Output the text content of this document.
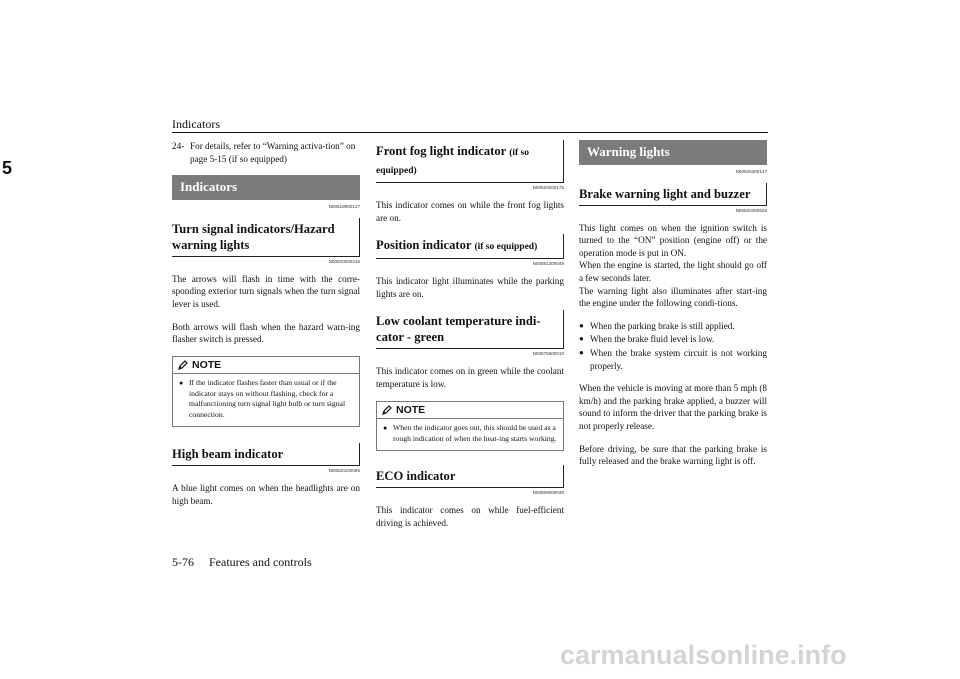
Indicators
5
24- For details, refer to “Warning activa-tion” on page 5-15 (if so equipped)
Indicators
N00519900127
Turn signal indicators/Hazard warning lights
N00520000216

The arrows will flash in time with the corre-sponding exterior turn signals when the turn signal lever is used.

Both arrows will flash when the hazard warn-ing flasher switch is pressed.

NOTE
● If the indicator flashes faster than usual or if the indicator stays on without flashing, check for a malfunctioning turn signal light bulb or turn signal connection.
High beam indicator
N00520100086

A blue light comes on when the headlights are on high beam.

Front fog light indicator (if so equipped)
N00520200175

This indicator comes on while the front fog lights are on.

Position indicator (if so equipped)
N00551300049

This indicator light illuminates while the parking lights are on.

Low coolant temperature indi-cator - green
N00575600010

This indicator comes on in green while the coolant temperature is low.

NOTE
● When the indicator goes out, this should be used as a rough indication of when the heat-ing starts working.
ECO indicator
N00568000036

This indicator comes on while fuel-efficient driving is achieved.

Warning lights
N00520300147
Brake warning light and buzzer
N00520400526

This light comes on when the ignition switch is turned to the “ON” position (engine off) or the operation mode is put in ON.

When the engine is started, the light should go off a few seconds later.

The warning light also illuminates after start-ing the engine under the following condi-tions.

● When the parking brake is still applied.
● When the brake fluid level is low.
● When the brake system circuit is not working properly.

When the vehicle is moving at more than 5 mph (8 km/h) and the parking brake applied, a buzzer will sound to inform the driver that the parking brake is not properly release.

Before driving, be sure that the parking brake is fully released and the brake warning light is off.

5-76     Features and controls
carmanualsonline.info
